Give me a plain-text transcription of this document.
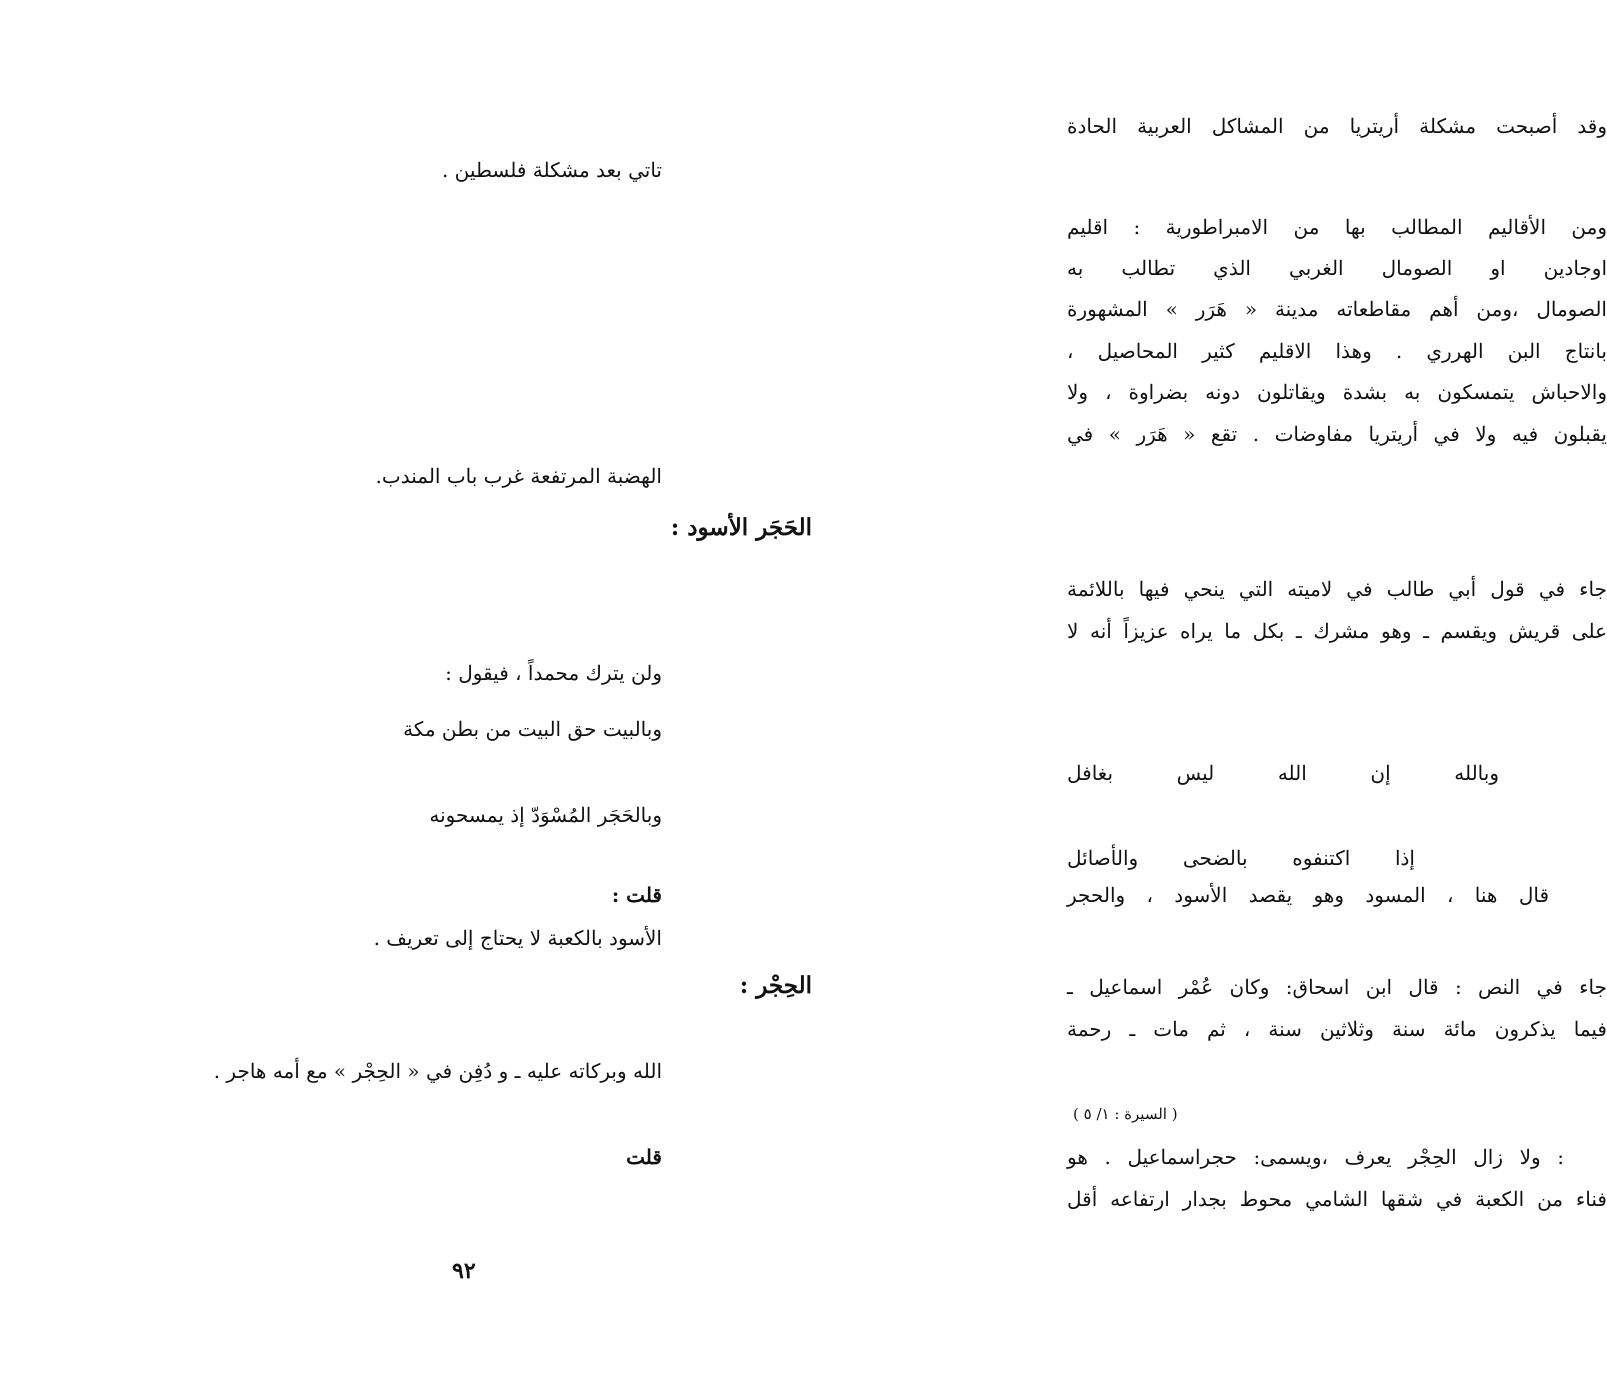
وقد أصبحت مشكلة أريتريا من المشاكل العربية الحادة
تاتي بعد مشكلة فلسطين .
ومن الأقاليم المطالب بها من الامبراطورية : اقليم
اوجادين او الصومال الغربي الذي تطالب به
الصومال ،ومن أهم مقاطعاته مدينة « هَرَر » المشهورة
بانتاج البن الهرري . وهذا الاقليم كثير المحاصيل ،
والاحباش يتمسكون به بشدة ويقاتلون دونه بضراوة ، ولا
يقبلون فيه ولا في أريتريا مفاوضات . تقع « هَرَر » في
الهضبة المرتفعة غرب باب المندب.
الحَجَر الأسود :
جاء في قول أبي طالب في لاميته التي ينحي فيها باللائمة
على قريش ويقسم ـ وهو مشرك ـ بكل ما يراه عزيزاً أنه لا
ولن يترك محمداً ، فيقول :
وبالبيت حق البيت من بطن مكة
وبالله إن الله ليس بغافل
وبالحَجَر المُسْوَدّ إذ يمسحونه
إذا اكتنفوه بالضحى والأصائل
قلت :	قال هنا ، المسود وهو يقصد الأسود ، والحجر
الأسود بالكعبة لا يحتاج إلى تعريف .
الحِجْر :	جاء في النص : قال ابن اسحاق: وكان عُمْر اسماعيل ـ
فيما يذكرون مائة سنة وثلاثين سنة ، ثم مات ـ رحمة
الله وبركاته عليه ـ و دُفِن في « الحِجْر » مع أمه هاجر .
( السيرة : ١/ ٥ )
قلت	: ولا زال الحِجْر يعرف ،ويسمى: حجراسماعيل . هو
فناء من الكعبة في شقها الشامي محوط بجدار ارتفاعه أقل
٩٢
